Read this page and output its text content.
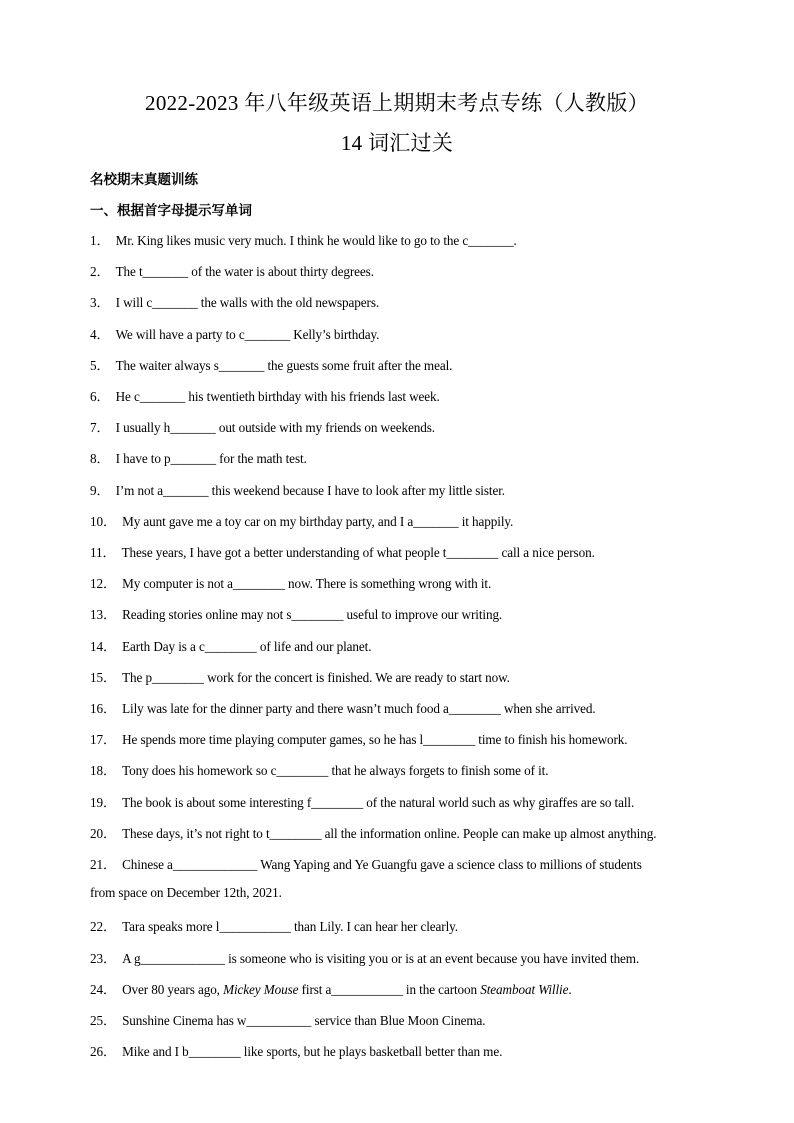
2022-2023 年八年级英语上期期末考点专练（人教版）
14 词汇过关
名校期末真题训练
一、根据首字母提示写单词
1． Mr. King likes music very much. I think he would like to go to the c_______.
2． The t_______ of the water is about thirty degrees.
3． I will c_______ the walls with the old newspapers.
4． We will have a party to c_______ Kelly’s birthday.
5． The waiter always s_______ the guests some fruit after the meal.
6． He c_______ his twentieth birthday with his friends last week.
7． I usually h_______ out outside with my friends on weekends.
8． I have to p_______ for the math test.
9． I’m not a_______ this weekend because I have to look after my little sister.
10． My aunt gave me a toy car on my birthday party, and I a_______ it happily.
11． These years, I have got a better understanding of what people t________ call a nice person.
12． My computer is not a________ now. There is something wrong with it.
13． Reading stories online may not s________ useful to improve our writing.
14． Earth Day is a c________ of life and our planet.
15． The p________ work for the concert is finished. We are ready to start now.
16． Lily was late for the dinner party and there wasn’t much food a________ when she arrived.
17． He spends more time playing computer games, so he has l________ time to finish his homework.
18． Tony does his homework so c________ that he always forgets to finish some of it.
19． The book is about some interesting f________ of the natural world such as why giraffes are so tall.
20． These days, it’s not right to t________ all the information online. People can make up almost anything.
21． Chinese a_____________ Wang Yaping and Ye Guangfu gave a science class to millions of students
from space on December 12th, 2021.
22． Tara speaks more l___________ than Lily. I can hear her clearly.
23． A g_____________ is someone who is visiting you or is at an event because you have invited them.
24． Over 80 years ago, Mickey Mouse first a___________ in the cartoon Steamboat Willie.
25． Sunshine Cinema has w__________ service than Blue Moon Cinema.
26． Mike and I b________ like sports, but he plays basketball better than me.
